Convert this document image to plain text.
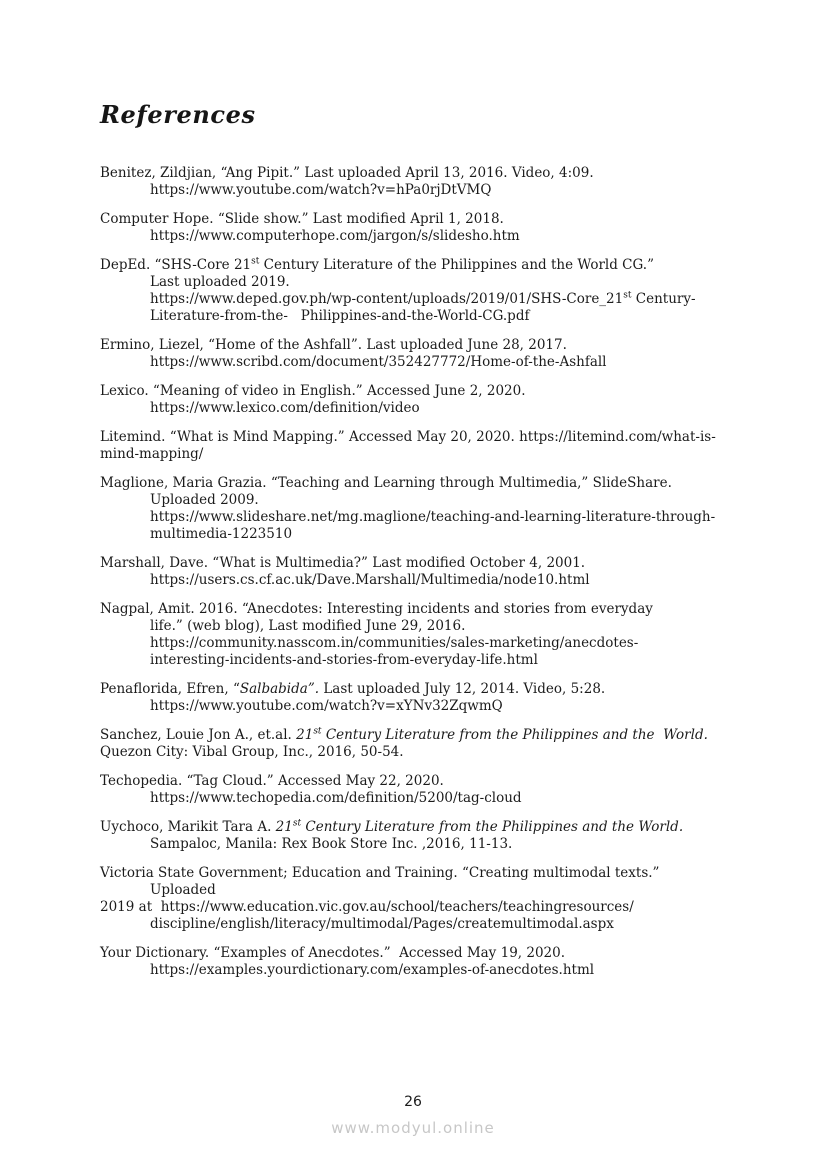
References

Benitez, Zildjian, “Ang Pipit.” Last uploaded April 13, 2016. Video, 4:09.
https://www.youtube.com/watch?v=hPa0rjDtVMQ

Computer Hope. “Slide show.” Last modified April 1, 2018.
https://www.computerhope.com/jargon/s/slidesho.htm

DepEd. “SHS-Core 21st Century Literature of the Philippines and the World CG.”
Last uploaded 2019.
https://www.deped.gov.ph/wp-content/uploads/2019/01/SHS-Core_21st Century-
Literature-from-the-   Philippines-and-the-World-CG.pdf

Ermino, Liezel, “Home of the Ashfall”. Last uploaded June 28, 2017.
https://www.scribd.com/document/352427772/Home-of-the-Ashfall

Lexico. “Meaning of video in English.” Accessed June 2, 2020.
https://www.lexico.com/definition/video

Litemind. “What is Mind Mapping.” Accessed May 20, 2020. https://litemind.com/what-is-
mind-mapping/

Maglione, Maria Grazia. “Teaching and Learning through Multimedia,” SlideShare.
Uploaded 2009.
https://www.slideshare.net/mg.maglione/teaching-and-learning-literature-through-
multimedia-1223510

Marshall, Dave. “What is Multimedia?” Last modified October 4, 2001.
https://users.cs.cf.ac.uk/Dave.Marshall/Multimedia/node10.html

Nagpal, Amit. 2016. “Anecdotes: Interesting incidents and stories from everyday
life.” (web blog), Last modified June 29, 2016.
https://community.nasscom.in/communities/sales-marketing/anecdotes-
interesting-incidents-and-stories-from-everyday-life.html

Penaflorida, Efren, “Salbabida”. Last uploaded July 12, 2014. Video, 5:28.
https://www.youtube.com/watch?v=xYNv32ZqwmQ

Sanchez, Louie Jon A., et.al. 21st Century Literature from the Philippines and the  World.
Quezon City: Vibal Group, Inc., 2016, 50-54.

Techopedia. “Tag Cloud.” Accessed May 22, 2020.
https://www.techopedia.com/definition/5200/tag-cloud

Uychoco, Marikit Tara A. 21st Century Literature from the Philippines and the World.
Sampaloc, Manila: Rex Book Store Inc. ,2016, 11-13.

Victoria State Government; Education and Training. “Creating multimodal texts.”
Uploaded
2019 at  https://www.education.vic.gov.au/school/teachers/teachingresources/
discipline/english/literacy/multimodal/Pages/createmultimodal.aspx

Your Dictionary. “Examples of Anecdotes.”  Accessed May 19, 2020.
https://examples.yourdictionary.com/examples-of-anecdotes.html

26
www.modyul.online
